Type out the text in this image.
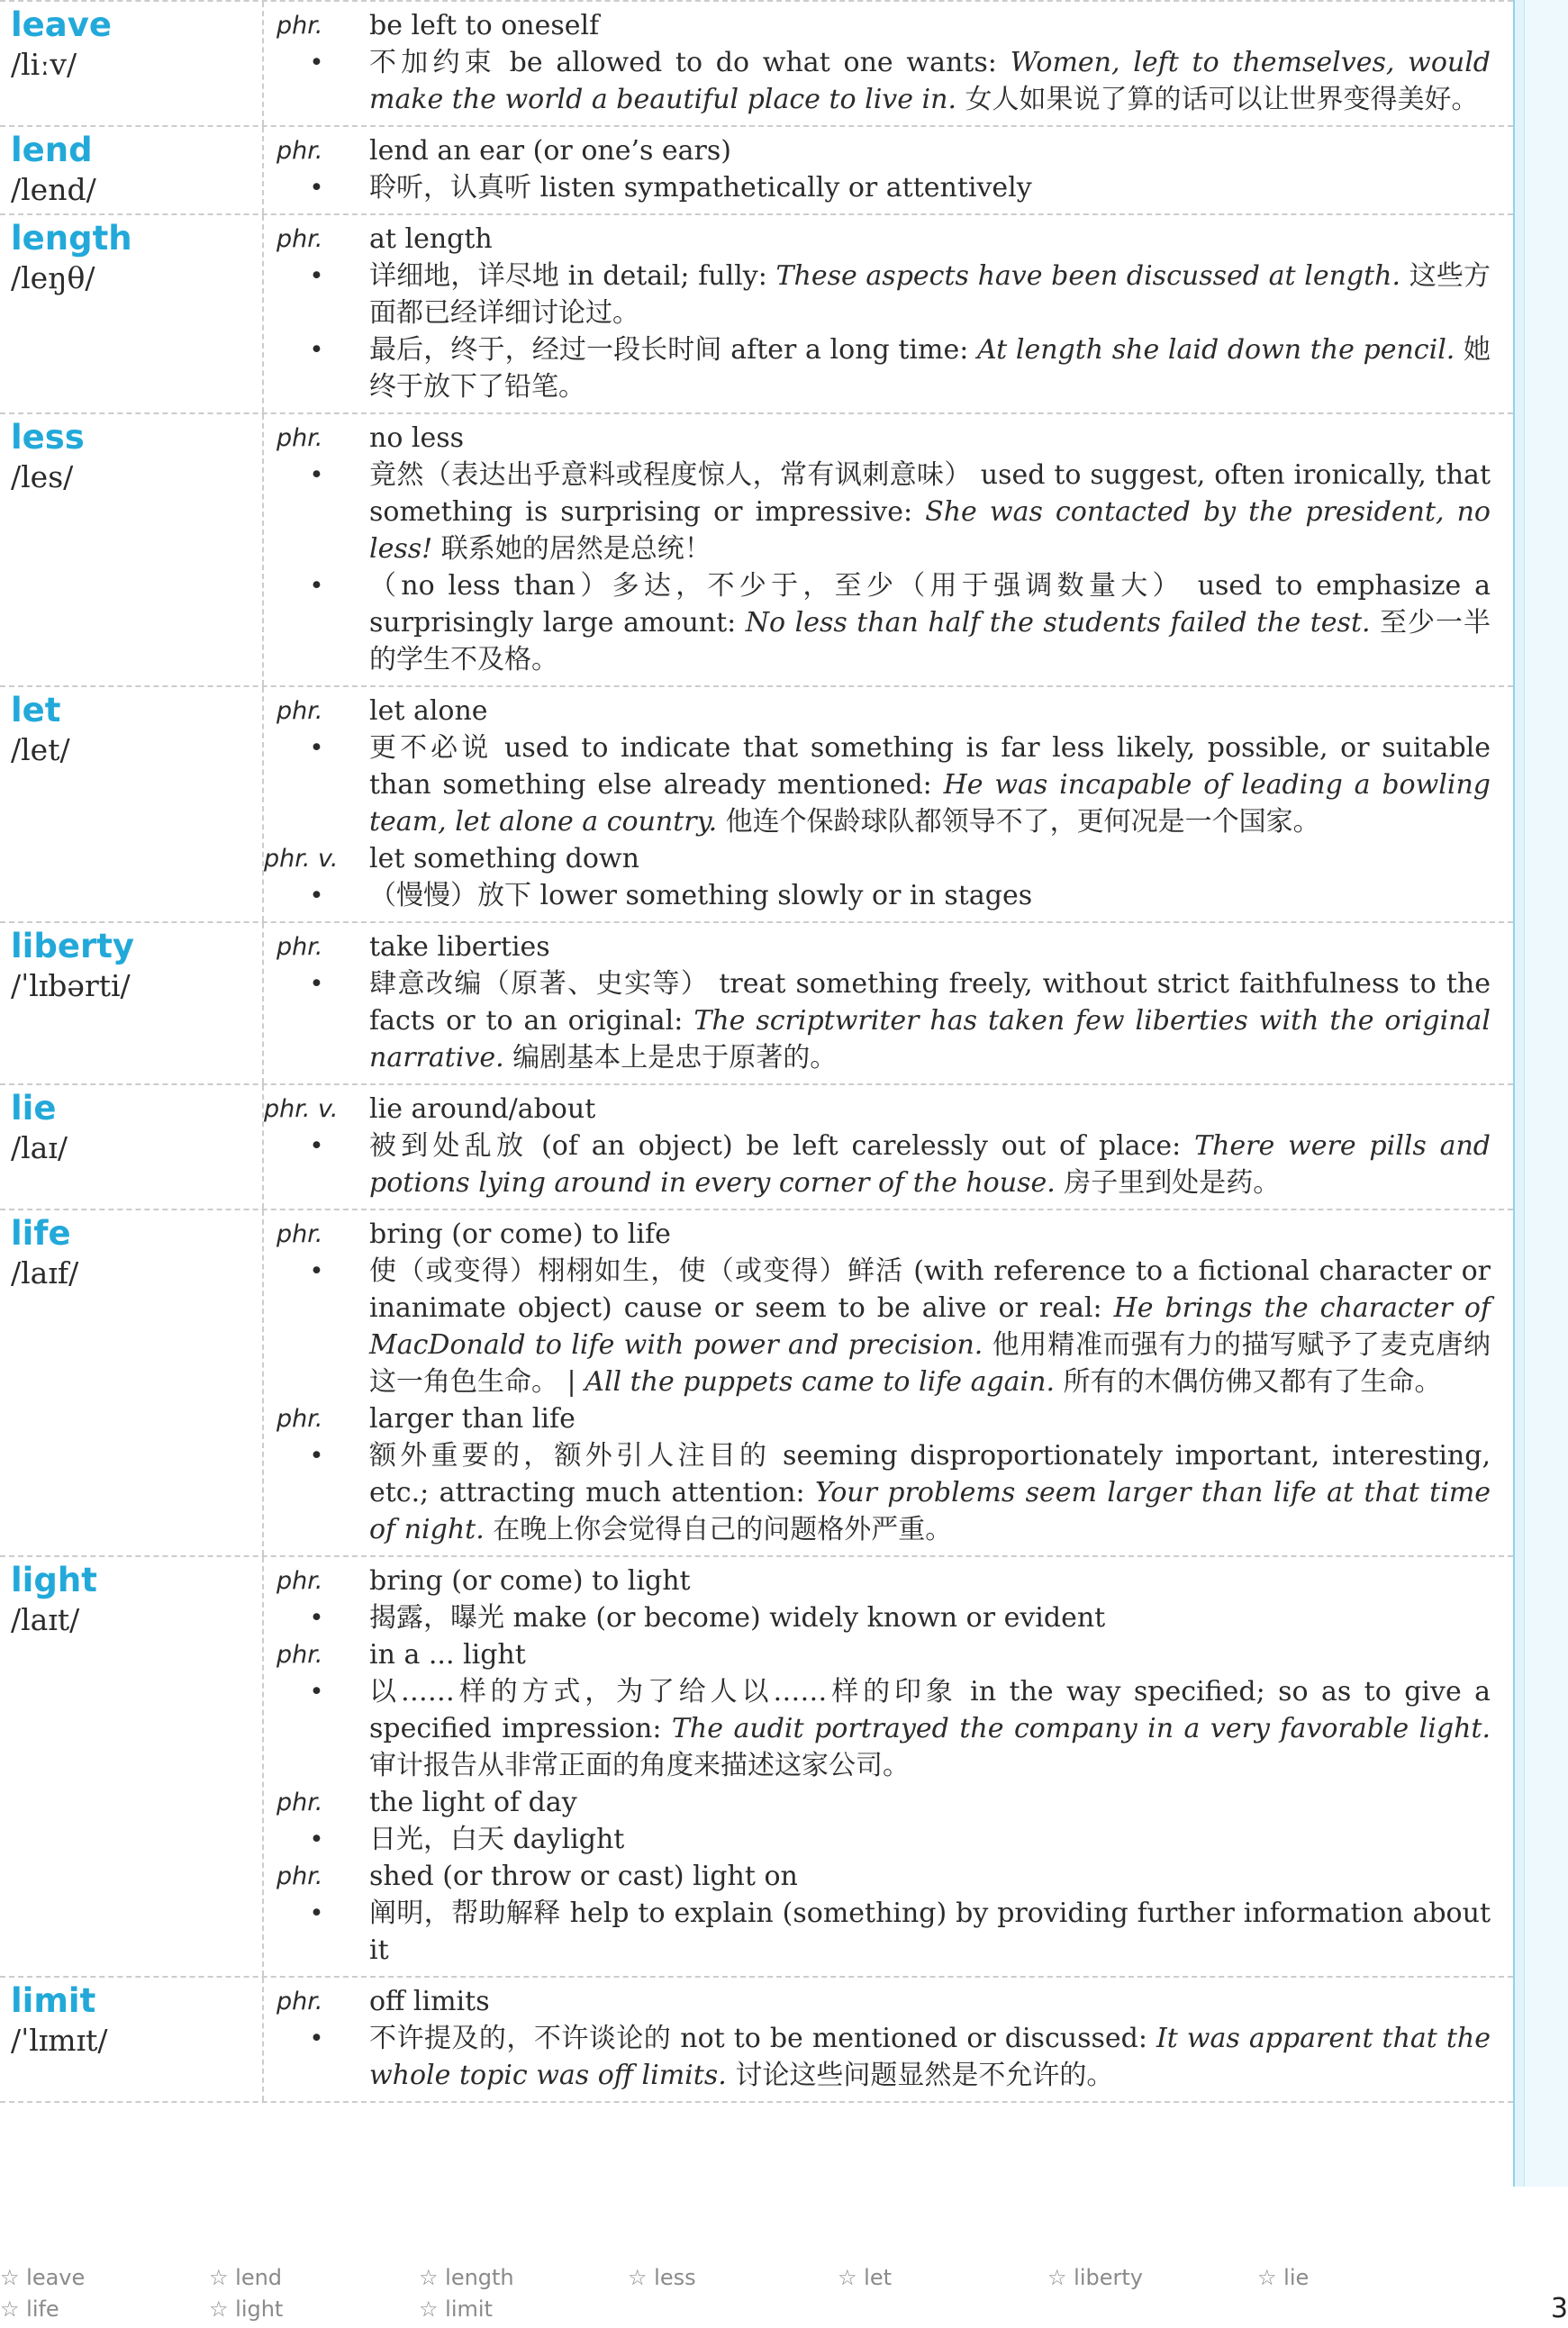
leave
/liːv/
phr.	be left to oneself
•	不加约束 be allowed to do what one wants: Women, left to themselves, would make the world a beautiful place to live in. 女人如果说了算的话可以让世界变得美好。
lend
/lend/
phr.	lend an ear (or one’s ears)
•	聆听，认真听 listen sympathetically or attentively
length
/leŋθ/
phr.	at length
•	详细地，详尽地 in detail; fully: These aspects have been discussed at length. 这些方面都已经详细讨论过。
•	最后，终于，经过一段长时间 after a long time: At length she laid down the pencil. 她终于放下了铅笔。
less
/les/
phr.	no less
•	竟然（表达出乎意料或程度惊人，常有讽刺意味） used to suggest, often ironically, that something is surprising or impressive: She was contacted by the president, no less! 联系她的居然是总统！
•	（no less than）多达，不少于，至少（用于强调数量大） used to emphasize a surprisingly large amount: No less than half the students failed the test. 至少一半的学生不及格。
let
/let/
phr.	let alone
•	更不必说 used to indicate that something is far less likely, possible, or suitable than something else already mentioned: He was incapable of leading a bowling team, let alone a country. 他连个保龄球队都领导不了，更何况是一个国家。
phr. v.	let something down
•	（慢慢）放下 lower something slowly or in stages
liberty
/ˈlɪbərti/
phr.	take liberties
•	肆意改编（原著、史实等） treat something freely, without strict faithfulness to the facts or to an original: The scriptwriter has taken few liberties with the original narrative. 编剧基本上是忠于原著的。
lie
/laɪ/
phr. v.	lie around/about
•	被到处乱放 (of an object) be left carelessly out of place: There were pills and potions lying around in every corner of the house. 房子里到处是药。
life
/laɪf/
phr.	bring (or come) to life
•	使（或变得）栩栩如生，使（或变得）鲜活 (with reference to a fictional character or inanimate object) cause or seem to be alive or real: He brings the character of MacDonald to life with power and precision. 他用精准而强有力的描写赋予了麦克唐纳这一角色生命。 | All the puppets came to life again. 所有的木偶仿佛又都有了生命。
phr.	larger than life
•	额外重要的，额外引人注目的 seeming disproportionately important, interesting, etc.; attracting much attention: Your problems seem larger than life at that time of night. 在晚上你会觉得自己的问题格外严重。
light
/laɪt/
phr.	bring (or come) to light
•	揭露，曝光 make (or become) widely known or evident
phr.	in a ... light
•	以……样的方式，为了给人以……样的印象 in the way specified; so as to give a specified impression: The audit portrayed the company in a very favorable light. 审计报告从非常正面的角度来描述这家公司。
phr.	the light of day
•	日光，白天 daylight
phr.	shed (or throw or cast) light on
•	阐明，帮助解释 help to explain (something) by providing further information about it
limit
/ˈlɪmɪt/
phr.	off limits
•	不许提及的，不许谈论的 not to be mentioned or discussed: It was apparent that the whole topic was off limits. 讨论这些问题显然是不允许的。
☆ leave	☆ lend	☆ length	☆ less	☆ let	☆ liberty	☆ lie
☆ life	☆ light	☆ limit	3
